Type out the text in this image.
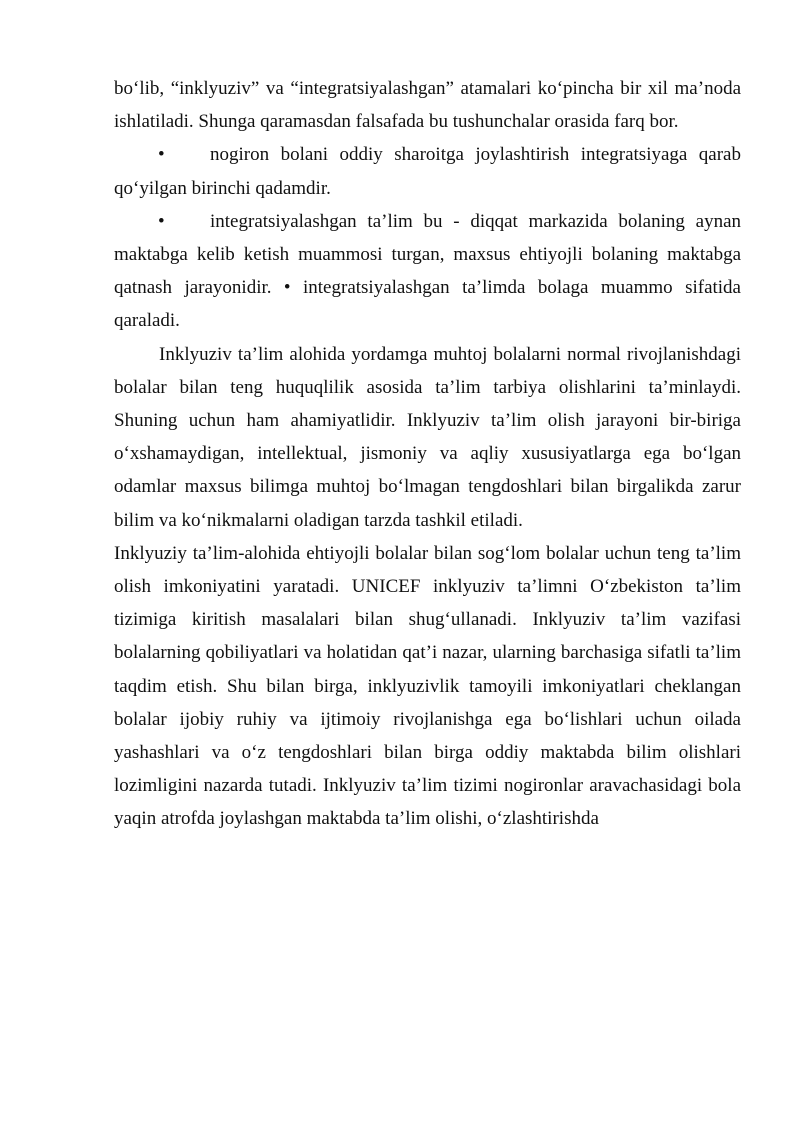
bo‘lib, “inklyuziv” va “integratsiyalashgan” atamalari ko‘pincha bir xil ma’noda ishlatiladi. Shunga qaramasdan falsafada bu tushunchalar orasida farq bor.

• nogiron bolani oddiy sharoitga joylashtirish integratsiyaga qarab qo‘yilgan birinchi qadamdir.

• integratsiyalashgan ta’lim bu - diqqat markazida bolaning aynan maktabga kelib ketish muammosi turgan, maxsus ehtiyojli bolaning maktabga qatnash jarayonidir. • integratsiyalashgan ta’limda bolaga muammo sifatida qaraladi.

Inklyuziv ta’lim alohida yordamga muhtoj bolalarni normal rivojlanishdagi bolalar bilan teng huquqlilik asosida ta’lim tarbiya olishlarini ta’minlaydi. Shuning uchun ham ahamiyatlidir. Inklyuziv ta’lim olish jarayoni bir-biriga o‘xshamaydigan, intellektual, jismoniy va aqliy xususiyatlarga ega bo‘lgan odamlar maxsus bilimga muhtoj bo‘lmagan tengdoshlari bilan birgalikda zarur bilim va ko‘nikmalarni oladigan tarzda tashkil etiladi.

Inklyuziy ta’lim-alohida ehtiyojli bolalar bilan sog‘lom bolalar uchun teng ta’lim olish imkoniyatini yaratadi. UNICEF inklyuziv ta’limni O‘zbekiston ta’lim tizimiga kiritish masalalari bilan shug‘ullanadi. Inklyuziv ta’lim vazifasi bolalarning qobiliyatlari va holatidan qat’i nazar, ularning barchasiga sifatli ta’lim taqdim etish. Shu bilan birga, inklyuzivlik tamoyili imkoniyatlari cheklangan bolalar ijobiy ruhiy va ijtimoiy rivojlanishga ega bo‘lishlari uchun oilada yashashlari va o‘z tengdoshlari bilan birga oddiy maktabda bilim olishlari lozimligini nazarda tutadi. Inklyuziv ta’lim tizimi nogironlar aravachasidagi bola yaqin atrofda joylashgan maktabda ta’lim olishi, o‘zlashtirishda
